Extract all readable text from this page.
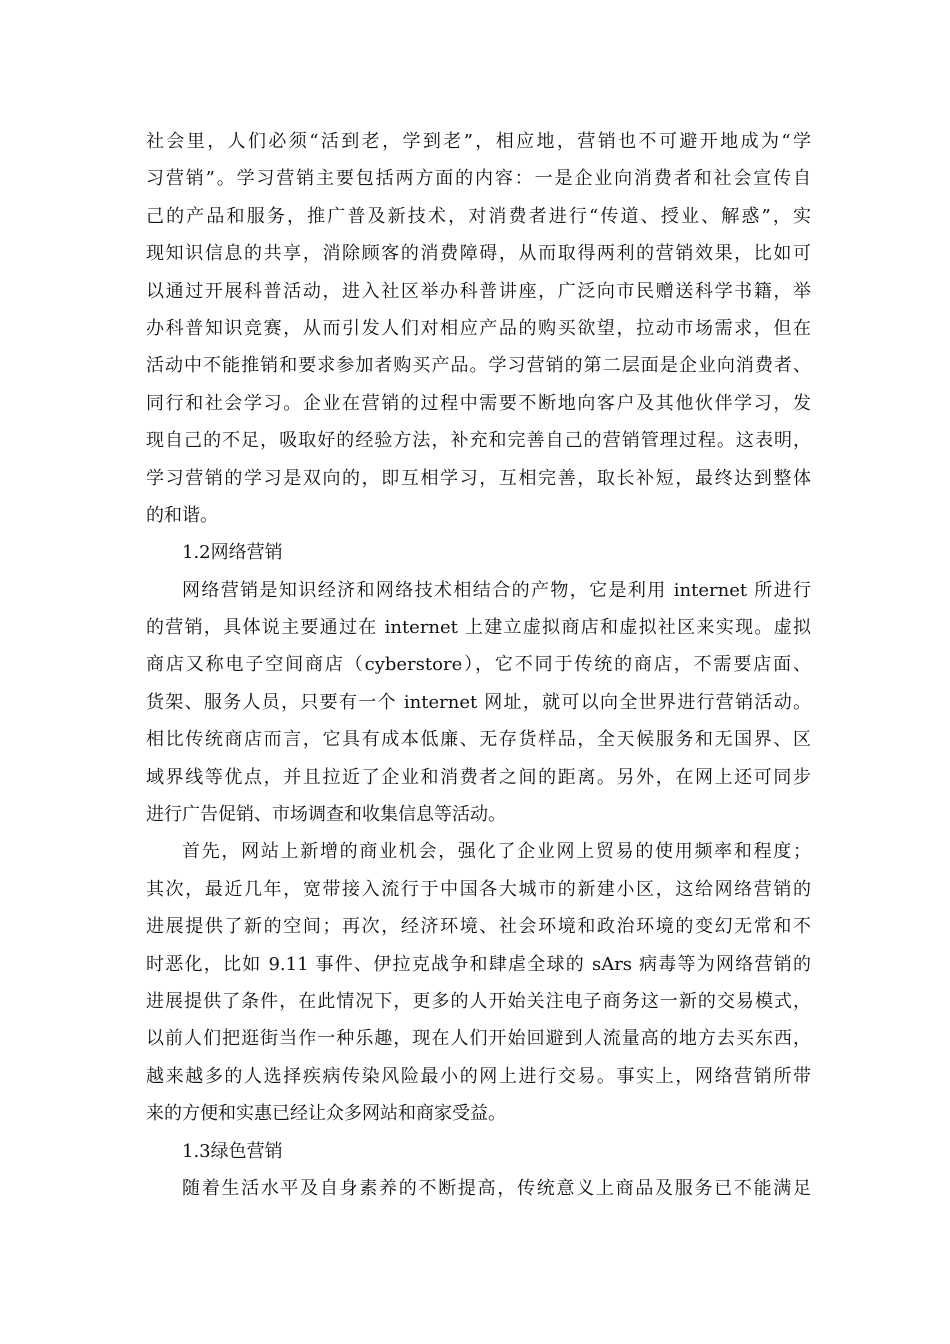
社会里，人们必须“活到老，学到老”，相应地，营销也不可避开地成为“学
习营销”。学习营销主要包括两方面的内容：一是企业向消费者和社会宣传自
己的产品和服务，推广普及新技术，对消费者进行“传道、授业、解惑”，实
现知识信息的共享，消除顾客的消费障碍，从而取得两利的营销效果，比如可
以通过开展科普活动，进入社区举办科普讲座，广泛向市民赠送科学书籍，举
办科普知识竞赛，从而引发人们对相应产品的购买欲望，拉动市场需求，但在
活动中不能推销和要求参加者购买产品。学习营销的第二层面是企业向消费者、
同行和社会学习。企业在营销的过程中需要不断地向客户及其他伙伴学习，发
现自己的不足，吸取好的经验方法，补充和完善自己的营销管理过程。这表明，
学习营销的学习是双向的，即互相学习，互相完善，取长补短，最终达到整体
的和谐。
1.2网络营销
网络营销是知识经济和网络技术相结合的产物，它是利用 internet 所进行
的营销，具体说主要通过在 internet 上建立虚拟商店和虚拟社区来实现。虚拟
商店又称电子空间商店（cyberstore），它不同于传统的商店，不需要店面、
货架、服务人员，只要有一个 internet 网址，就可以向全世界进行营销活动。
相比传统商店而言，它具有成本低廉、无存货样品，全天候服务和无国界、区
域界线等优点，并且拉近了企业和消费者之间的距离。另外，在网上还可同步
进行广告促销、市场调查和收集信息等活动。
首先，网站上新增的商业机会，强化了企业网上贸易的使用频率和程度；
其次，最近几年，宽带接入流行于中国各大城市的新建小区，这给网络营销的
进展提供了新的空间；再次，经济环境、社会环境和政治环境的变幻无常和不
时恶化，比如 9.11 事件、伊拉克战争和肆虐全球的 sArs 病毒等为网络营销的
进展提供了条件，在此情况下，更多的人开始关注电子商务这一新的交易模式，
以前人们把逛街当作一种乐趣，现在人们开始回避到人流量高的地方去买东西，
越来越多的人选择疾病传染风险最小的网上进行交易。事实上，网络营销所带
来的方便和实惠已经让众多网站和商家受益。
1.3绿色营销
随着生活水平及自身素养的不断提高，传统意义上商品及服务已不能满足
